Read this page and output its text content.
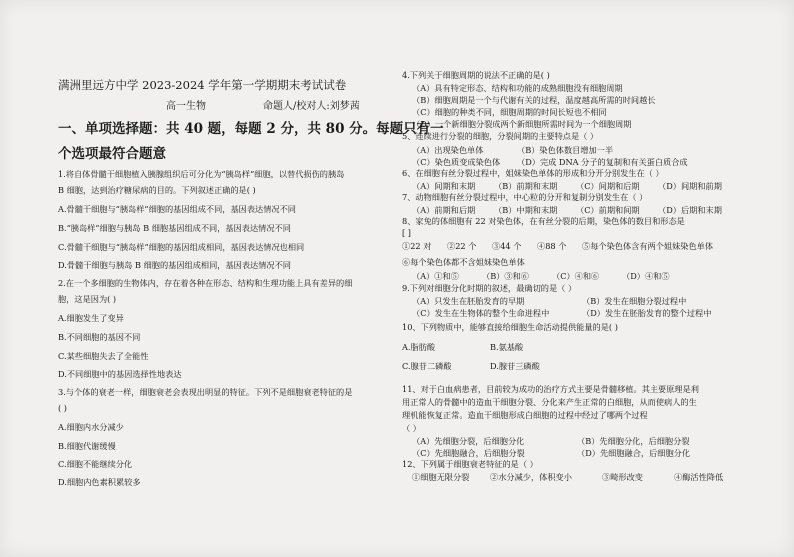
满洲里远方中学 2023-2024 学年第一学期期末考试试卷
高一生物	命题人/校对人:刘梦茜
一、单项选择题：共 40 题，每题 2 分，共 80 分。每题只有一
个选项最符合题意
1.将自体骨髓干细胞植入胰腺组织后可分化为“胰岛样”细胞，以替代损伤的胰岛
B 细胞，达到治疗糖尿病的目的。下列叙述正确的是( )
A.骨髓干细胞与“胰岛样”细胞的基因组成不同，基因表达情况不同
B.“胰岛样”细胞与胰岛 B 细胞基因组成不同，基因表达情况不同
C.骨髓干细胞与“胰岛样”细胞的基因组成相同，基因表达情况也相同
D.骨髓干细胞与胰岛 B 细胞的基因组成相同，基因表达情况不同
2.在一个多细胞的生物体内，存在着各种在形态、结构和生理功能上具有差异的细
胞，这是因为( )
A.细胞发生了变异
B.不同细胞的基因不同
C.某些细胞失去了全能性
D.不同细胞中的基因选择性地表达
3.与个体的衰老一样，细胞衰老会表现出明显的特征。下列不是细胞衰老特征的是
( )
A.细胞内水分减少
B.细胞代谢缓慢
C.细胞不能继续分化
D.细胞内色素积累较多
4.下列关于细胞周期的说法不正确的是( )
（A）具有特定形态、结构和功能的成熟细胞没有细胞周期
（B）细胞周期是一个与代谢有关的过程，温度越高所需的时间越长
（C）细胞的种类不同，细胞周期的时间长短也不相同
（D）一个新细胞分裂成两个新细胞所需时间为一个细胞周期
5、连续进行分裂的细胞，分裂间期的主要特点是（ ）
（A）出现染色单体	（B）染色体数目增加一半
（C）染色质变成染色体 （D）完成 DNA 分子的复制和有关蛋白质合成
6、在细胞有丝分裂过程中，姐妹染色单体的形成和分开分别发生在（ ）
（A）间期和末期 （B）前期和末期 （C）间期和后期 （D）间期和前期
7、动物细胞有丝分裂过程中，中心粒的分开和复制分别发生在（ ）
（A）前期和后期 （B）中期和末期 （C）前期和间期 （D）后期和末期
8、家兔的体细胞有 22 对染色体，在有丝分裂的后期，染色体的数目和形态是
[ ]
①22 对 ②22 个 ③44 个 ④88 个 ⑤每个染色体含有两个姐妹染色单体
⑥每个染色体都不含姐妹染色单体
（A）①和⑤	（B）③和⑥	（C）④和⑥	（D）④和⑤
9.下列对细胞分化时期的叙述，最确切的是（ ）
（A）只发生在胚胎发育的早期	（B）发生在细胞分裂过程中
（C）发生在生物体的整个生命进程中	（D）发生在胚胎发育的整个过程中
10、下列物质中，能够直接给细胞生命活动提供能量的是( )
A.脂肪酸	B.氨基酸
C.腺苷二磷酸	D.腺苷三磷酸
11、对于白血病患者，目前较为成功的治疗方式主要是骨髓移植。其主要原理是利
用正常人的骨髓中的造血干细胞分裂、分化来产生正常的白细胞，从而使病人的生
理机能恢复正常。造血干细胞形成白细胞的过程中经过了哪两个过程
（ ）
（A）先细胞分裂，后细胞分化	（B）先细胞分化，后细胞分裂
（C）先细胞融合，后细胞分裂	（D）先细胞融合，后细胞分化
12、下列属于细胞衰老特征的是（ ）
①细胞无限分裂	②水分减少，体积变小	③畸形改变	④酶活性降低
